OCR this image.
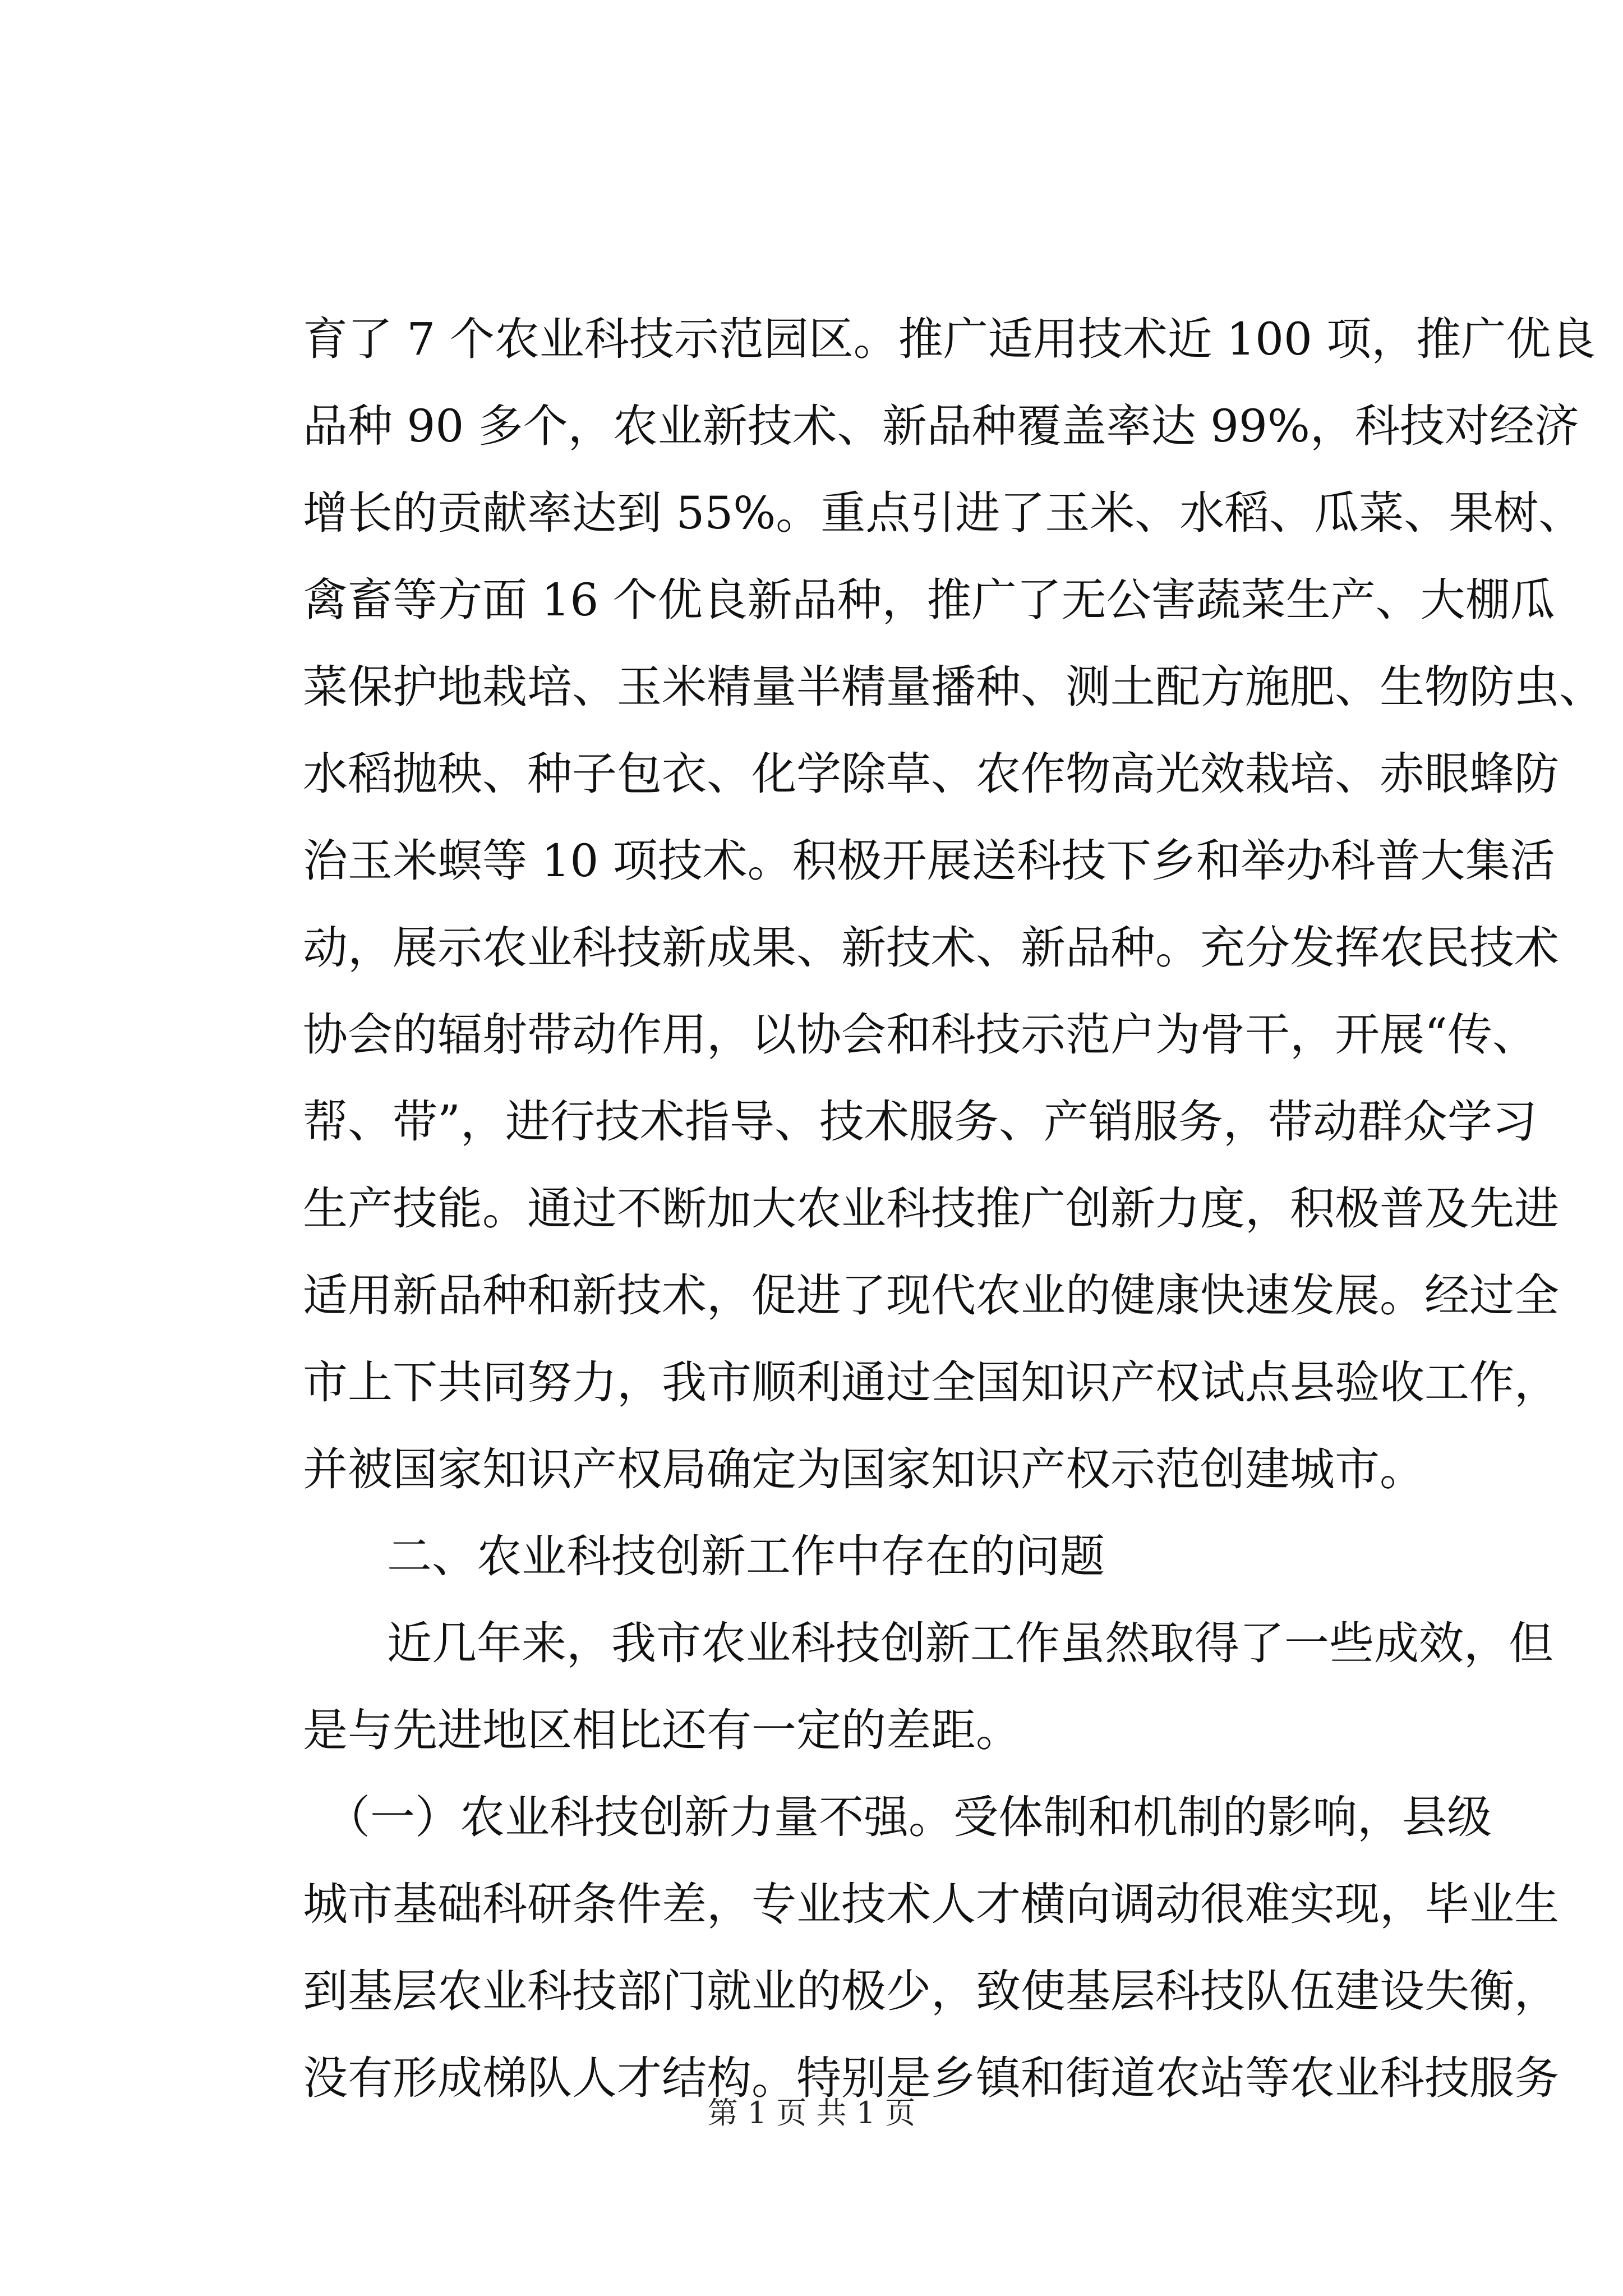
育了 7 个农业科技示范园区。推广适用技术近 100 项，推广优良
品种 90 多个，农业新技术、新品种覆盖率达 99%，科技对经济
增长的贡献率达到 55%。重点引进了玉米、水稻、瓜菜、果树、
禽畜等方面 16 个优良新品种，推广了无公害蔬菜生产、大棚瓜
菜保护地栽培、玉米精量半精量播种、测土配方施肥、生物防虫、
水稻抛秧、种子包衣、化学除草、农作物高光效栽培、赤眼蜂防
治玉米螟等 10 项技术。积极开展送科技下乡和举办科普大集活
动，展示农业科技新成果、新技术、新品种。充分发挥农民技术
协会的辐射带动作用，以协会和科技示范户为骨干，开展“传、
帮、带”，进行技术指导、技术服务、产销服务，带动群众学习
生产技能。通过不断加大农业科技推广创新力度，积极普及先进
适用新品种和新技术，促进了现代农业的健康快速发展。经过全
市上下共同努力，我市顺利通过全国知识产权试点县验收工作，
并被国家知识产权局确定为国家知识产权示范创建城市。
二、农业科技创新工作中存在的问题
近几年来，我市农业科技创新工作虽然取得了一些成效，但
是与先进地区相比还有一定的差距。
（一）农业科技创新力量不强。受体制和机制的影响，县级
城市基础科研条件差，专业技术人才横向调动很难实现，毕业生
到基层农业科技部门就业的极少，致使基层科技队伍建设失衡，
没有形成梯队人才结构。特别是乡镇和街道农站等农业科技服务
第 1 页 共 1 页
